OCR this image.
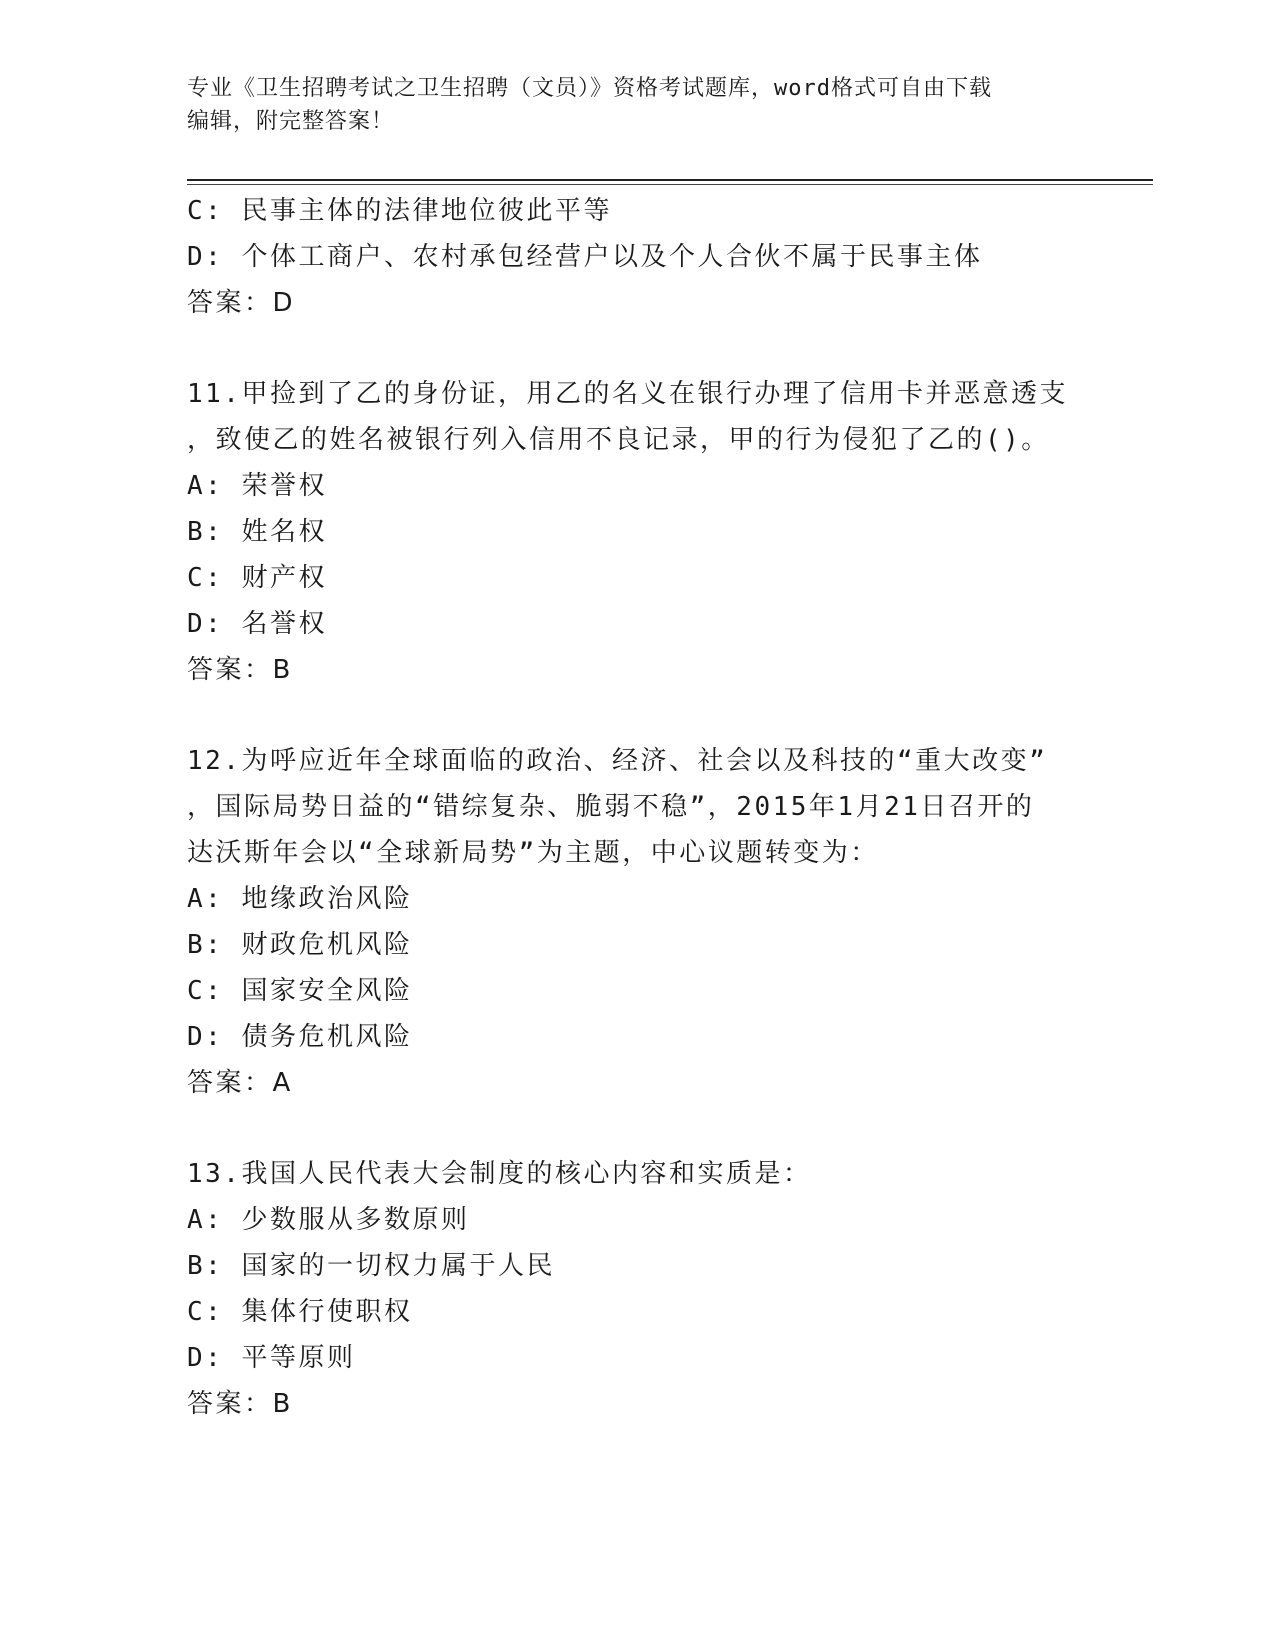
专业《卫生招聘考试之卫生招聘（文员）》资格考试题库，word格式可自由下载
编辑，附完整答案！
C: 民事主体的法律地位彼此平等
D: 个体工商户、农村承包经营户以及个人合伙不属于民事主体
答案：D
11.甲捡到了乙的身份证，用乙的名义在银行办理了信用卡并恶意透支
，致使乙的姓名被银行列入信用不良记录，甲的行为侵犯了乙的()。
A: 荣誉权
B: 姓名权
C: 财产权
D: 名誉权
答案：B
12.为呼应近年全球面临的政治、经济、社会以及科技的“重大改变”
，国际局势日益的“错综复杂、脆弱不稳”，2015年1月21日召开的
达沃斯年会以“全球新局势”为主题，中心议题转变为：
A: 地缘政治风险
B: 财政危机风险
C: 国家安全风险
D: 债务危机风险
答案：A
13.我国人民代表大会制度的核心内容和实质是：
A: 少数服从多数原则
B: 国家的一切权力属于人民
C: 集体行使职权
D: 平等原则
答案：B
